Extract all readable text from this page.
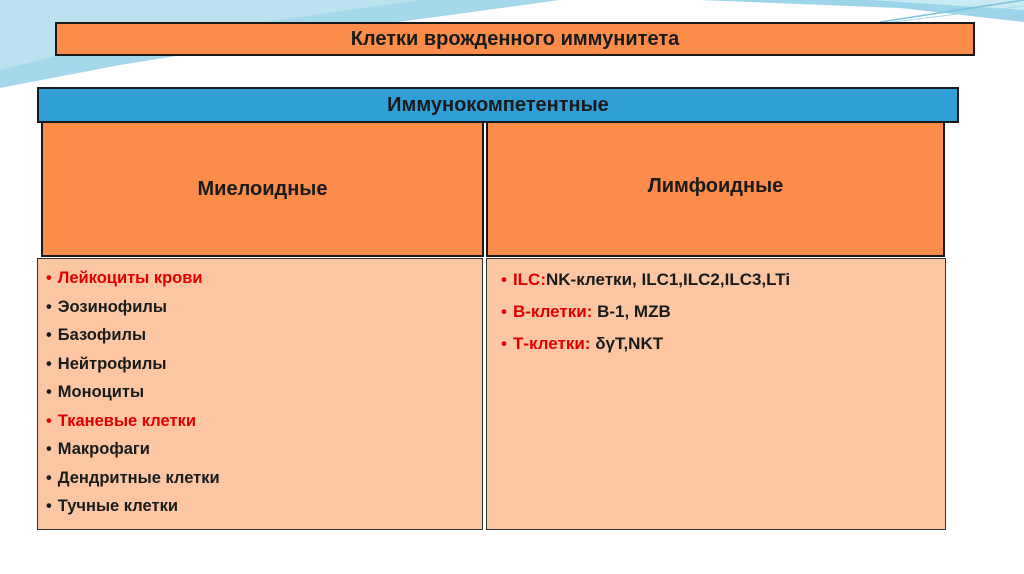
Клетки врожденного иммунитета
Иммунокомпетентные
Миелоидные	Лимфоидные
• Лейкоциты крови
• Эозинофилы
• Базофилы
• Нейтрофилы
• Моноциты
• Тканевые клетки
• Макрофаги
• Дендритные клетки
• Тучные клетки
• ILC:NK-клетки, ILC1,ILC2,ILC3,LTi
• B-клетки: B-1, MZB
• Т-клетки: δγT,NKT
